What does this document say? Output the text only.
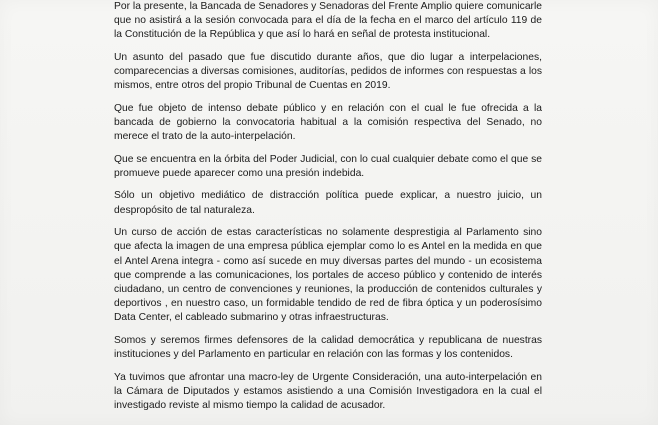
Por la presente, la Bancada de Senadores y Senadoras del Frente Amplio quiere comunicarle que no asistirá a la sesión convocada para el día de la fecha en el marco del artículo 119 de la Constitución de la República y que así lo hará en señal de protesta institucional.

Un asunto del pasado que fue discutido durante años, que dio lugar a interpelaciones, comparecencias a diversas comisiones, auditorías, pedidos de informes con respuestas a los mismos, entre otros del propio Tribunal de Cuentas en 2019.

Que fue objeto de intenso debate público y en relación con el cual le fue ofrecida a la bancada de gobierno la convocatoria habitual a la comisión respectiva del Senado, no merece el trato de la auto-interpelación.

Que se encuentra en la órbita del Poder Judicial, con lo cual cualquier debate como el que se promueve puede aparecer como una presión indebida.

Sólo un objetivo mediático de distracción política puede explicar, a nuestro juicio, un despropósito de tal naturaleza.

Un curso de acción de estas características no solamente desprestigia al Parlamento sino que afecta la imagen de una empresa pública ejemplar como lo es Antel en la medida en que el Antel Arena integra - como así sucede en muy diversas partes del mundo - un ecosistema que comprende a las comunicaciones, los portales de acceso público y contenido de interés ciudadano, un centro de convenciones y reuniones, la producción de contenidos culturales y deportivos , en nuestro caso, un formidable tendido de red de fibra óptica y un poderosísimo Data Center, el cableado submarino y otras infraestructuras.

Somos y seremos firmes defensores de la calidad democrática y republicana de nuestras instituciones y del Parlamento en particular en relación con las formas y los contenidos.

Ya tuvimos que afrontar una macro-ley de Urgente Consideración, una auto-interpelación en la Cámara de Diputados y estamos asistiendo a una Comisión Investigadora en la cual el investigado reviste al mismo tiempo la calidad de acusador.
